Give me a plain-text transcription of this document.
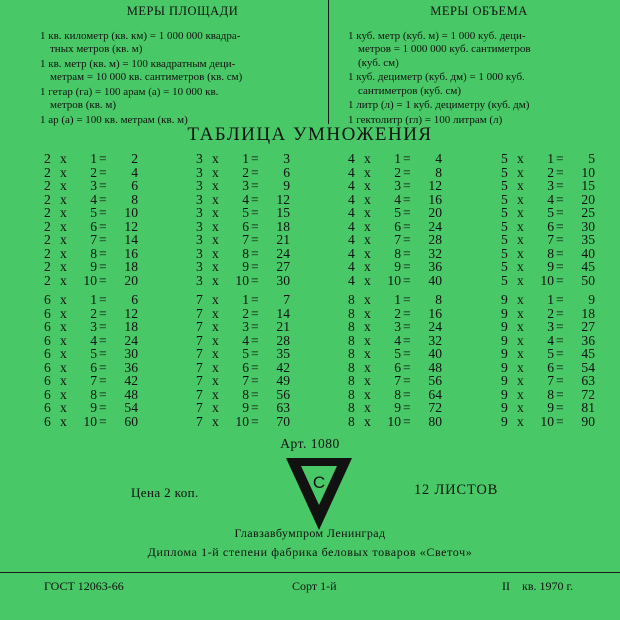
МЕРЫ ПЛОЩАДИ
1 кв. километр (кв. км) = 1 000 000 квадра-
тных метров (кв. м)
1 кв. метр (кв. м) = 100 квадратным деци-
метрам = 10 000 кв. сантиметров (кв. см)
1 гетар (га) = 100 арам (а) = 10 000 кв.
метров (кв. м)
1 ар (а) = 100 кв. метрам (кв. м)
МЕРЫ ОБЪЕМА
1 куб. метр (куб. м) = 1 000 куб. деци-
метров = 1 000 000 куб. сантиметров
(куб. см)
1 куб. дециметр (куб. дм) = 1 000 куб.
сантиметров (куб. см)
1 литр (л) = 1 куб. дециметру (куб. дм)
1 гектолитр (гл) = 100 литрам (л)
ТАБЛИЦА УМНОЖЕНИЯ
2 x	1 =	2
2 x	2 =	4
2 x	3 =	6
2 x	4 =	8
2 x	5 =	10
2 x	6 =	12
2 x	7 =	14
2 x	8 =	16
2 x	9 =	18
2 x	10 =	20
3 x	1 =	3
3 x	2 =	6
3 x	3 =	9
3 x	4 =	12
3 x	5 =	15
3 x	6 =	18
3 x	7 =	21
3 x	8 =	24
3 x	9 =	27
3 x	10 =	30
4 x	1 =	4
4 x	2 =	8
4 x	3 =	12
4 x	4 =	16
4 x	5 =	20
4 x	6 =	24
4 x	7 =	28
4 x	8 =	32
4 x	9 =	36
4 x	10 =	40
5 x	1 =	5
5 x	2 =	10
5 x	3 =	15
5 x	4 =	20
5 x	5 =	25
5 x	6 =	30
5 x	7 =	35
5 x	8 =	40
5 x	9 =	45
5 x	10 =	50
6 x	1 =	6
6 x	2 =	12
6 x	3 =	18
6 x	4 =	24
6 x	5 =	30
6 x	6 =	36
6 x	7 =	42
6 x	8 =	48
6 x	9 =	54
6 x	10 =	60
7 x	1 =	7
7 x	2 =	14
7 x	3 =	21
7 x	4 =	28
7 x	5 =	35
7 x	6 =	42
7 x	7 =	49
7 x	8 =	56
7 x	9 =	63
7 x	10 =	70
8 x	1 =	8
8 x	2 =	16
8 x	3 =	24
8 x	4 =	32
8 x	5 =	40
8 x	6 =	48
8 x	7 =	56
8 x	8 =	64
8 x	9 =	72
8 x	10 =	80
9 x	1 =	9
9 x	2 =	18
9 x	3 =	27
9 x	4 =	36
9 x	5 =	45
9 x	6 =	54
9 x	7 =	63
9 x	8 =	72
9 x	9 =	81
9 x	10 =	90
Арт. 1080
Цена 2 коп.
С	12 ЛИСТОВ
Главзавбумпром Ленинград
Диплома 1-й степени фабрика беловых товаров «Светоч»
ГОСТ 12063-66	Сорт 1-й	II    кв. 1970 г.
